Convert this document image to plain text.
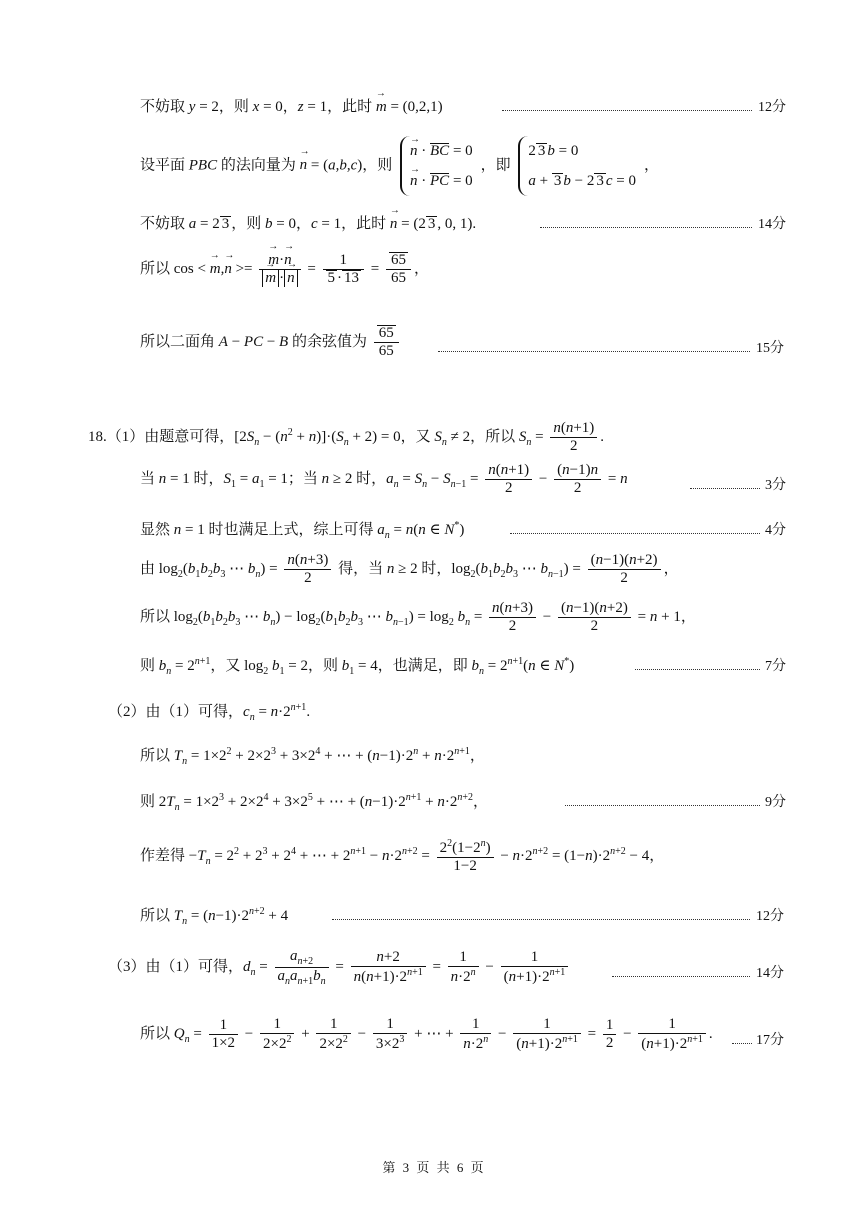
不妨取 y = 2，则 x = 0，z = 1，此时 → m = (0,2,1)	12分
设平面 PBC 的法向量为 → n = (a,b,c)，则
→ n · BC = 0
→ n · PC = 0
，即
2 3 b = 0
a + 3 b − 2 3 c = 0
，
不妨取 a = 2 3 ，则 b = 0，c = 1，此时 → n = (2 3 , 0, 1).	14分
所以 cos < → m,→ n >=
→ m·→ n
→ $m \cdot\to n = \frac{1}{5 \cdot 13} = \frac{65}{65}$ ，
所以二面角 A − PC − B 的余弦值为 $\frac{65}{65}$	15分
18.（1）由题意可得，$[2S_n - (n^2 + n)]\cdot(S_n + 2) = 0$，又 $S_n \ne 2$，所以 $S_n = \frac{n(n+1)}{2}$ .
当 n = 1 时，$S_1 = a_1 = 1$；当 n ≥ 2 时，$a_n = S_n - S_{n-1} = \frac{n(n+1)}{2} - \frac{(n-1)n}{2} = n$	3分
显然 n = 1 时也满足上式，综上可得 $a_n = n(n$ ∈ N*)	4分
由 $\log_2(b_1b_2b_3$ ⋯ $b_n) = \frac{n(n+3)}{2}$ 得，当 n ≥ 2 时，$\log_2(b_1b_2b_3$ ⋯ $b_{n-1}) = \frac{(n-1)(n+2)}{2}$ ，
所以 $\log_2(b_1b_2b_3$ ⋯ $b_n) - \log_2(b_1b_2b_3$ ⋯ $b_{n-1}) = \log_2 b_n = \frac{n(n+3)}{2} - \frac{(n-1)(n+2)}{2} = n + 1$，
则 $b_n = 2^{n+1}$，又 $\log_2 b_1 = 2$，则 $b_1 = 4$，也满足，即 $b_n = 2^{n+1}(n$ ∈ N*)	7分
（2）由（1）可得，$c_n = n\cdot 2^{n+1}$.
所以 $T_n = 1\times 2^2 + 2\times 2^3 + 3\times 2^4$ + ⋯ + $(n-1)\cdot 2^n + n\cdot 2^{n+1}$，
则 $2T_n = 1\times 2^3 + 2\times 2^4 + 3\times 2^5$ + ⋯ + $(n-1)\cdot 2^{n+1} + n\cdot 2^{n+2}$，	9分
作差得 $-T_n = 2^2 + 2^3 + 2^4$ + ⋯ + $2^{n+1} - n\cdot 2^{n+2} = \frac{2^2(1-2^n)}{1-2} - n\cdot 2^{n+2} = (1-n)\cdot 2^{n+2} - 4$，
所以 $T_n = (n-1)\cdot 2^{n+2} + 4$	12分
（3）由（1）可得，$d_n = \frac{a_{n+2}}{a_na_{n+1}b_n} = \frac{n+2}{n(n+1)\cdot 2^{n+1}} = \frac{1}{n\cdot 2^n} - \frac{1}{(n+1)\cdot 2^{n+1}}$	14分
所以 $Q_n = \frac{1}{1\times 2} - \frac{1}{2\times 2^2} + \frac{1}{2\times 2^2} - \frac{1}{3\times 2^3}$ + ⋯ + $\frac{1}{n\cdot 2^n} - \frac{1}{(n+1)\cdot 2^{n+1}} = \frac{1}{2} - \frac{1}{(n+1)\cdot 2^{n+1}}$ .	17分
第 3 页 共 6 页
